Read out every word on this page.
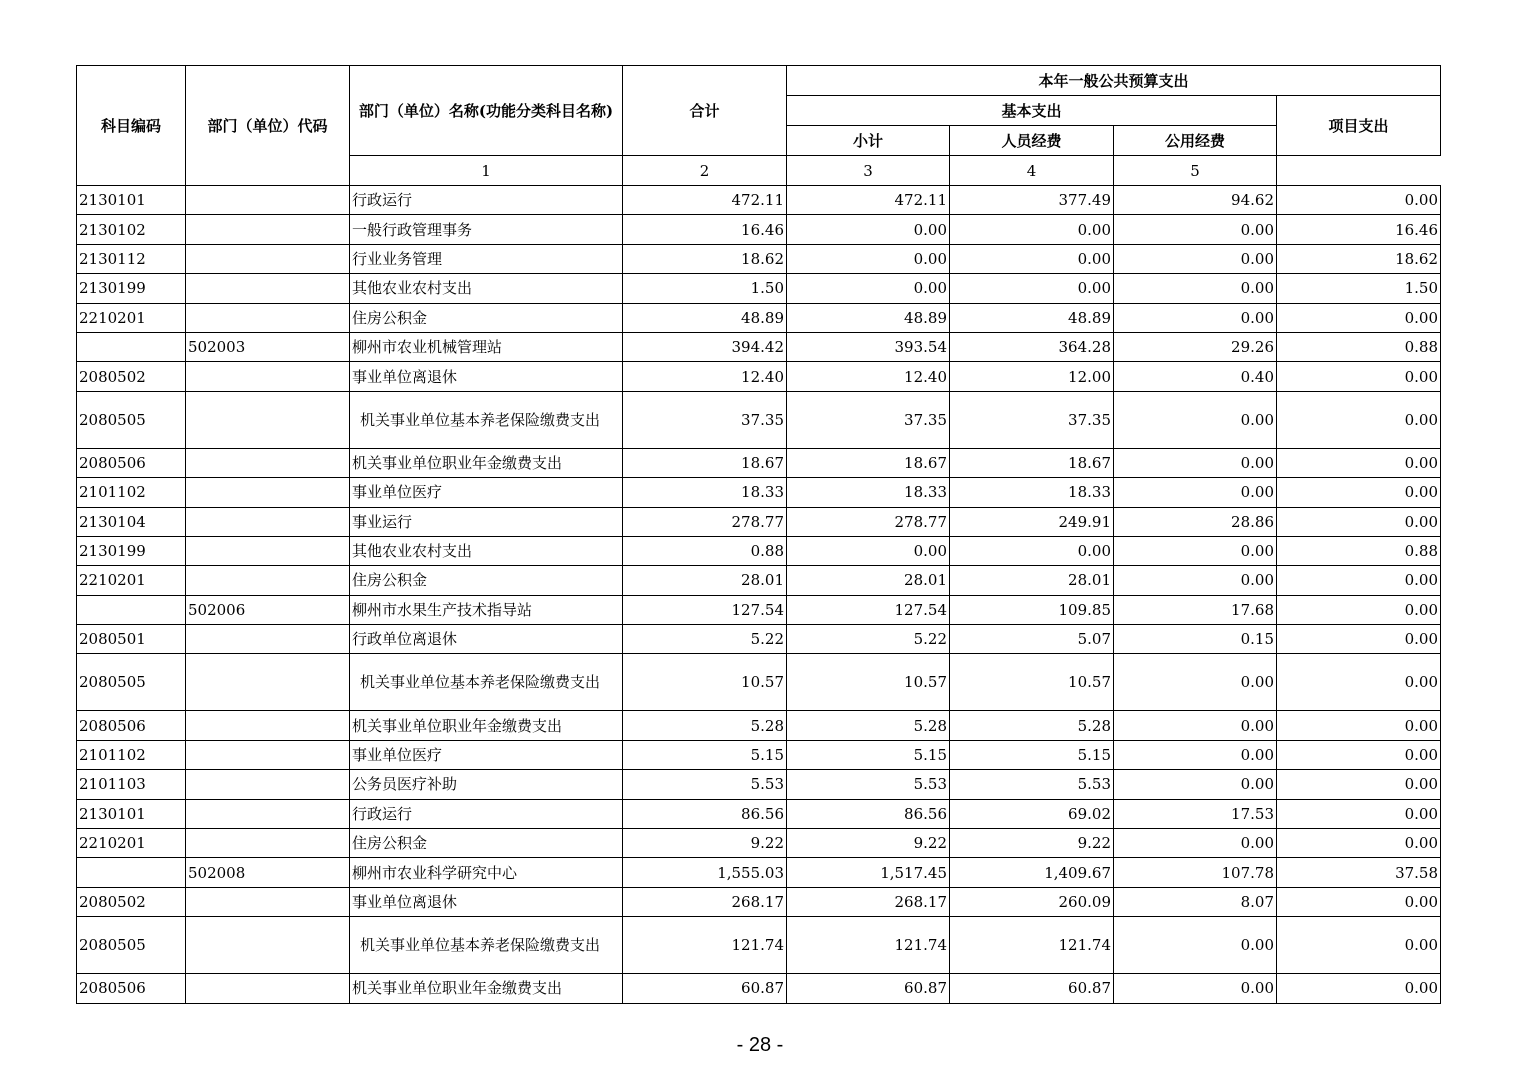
科目编码	部门（单位）代码	部门（单位）名称(功能分类科目名称)	合计	本年一般公共预算支出			
				基本支出			项目支出
				小计	人员经费	公用经费	
		1	2	3	4	5	
2130101		行政运行	472.11	472.11	377.49	94.62	0.00
2130102		一般行政管理事务	16.46	0.00	0.00	0.00	16.46
2130112		行业业务管理	18.62	0.00	0.00	0.00	18.62
2130199		其他农业农村支出	1.50	0.00	0.00	0.00	1.50
2210201		住房公积金	48.89	48.89	48.89	0.00	0.00
	502003	柳州市农业机械管理站	394.42	393.54	364.28	29.26	0.88
2080502		事业单位离退休	12.40	12.40	12.00	0.40	0.00
2080505		机关事业单位基本养老保险缴费支出	37.35	37.35	37.35	0.00	0.00
2080506		机关事业单位职业年金缴费支出	18.67	18.67	18.67	0.00	0.00
2101102		事业单位医疗	18.33	18.33	18.33	0.00	0.00
2130104		事业运行	278.77	278.77	249.91	28.86	0.00
2130199		其他农业农村支出	0.88	0.00	0.00	0.00	0.88
2210201		住房公积金	28.01	28.01	28.01	0.00	0.00
	502006	柳州市水果生产技术指导站	127.54	127.54	109.85	17.68	0.00
2080501		行政单位离退休	5.22	5.22	5.07	0.15	0.00
2080505		机关事业单位基本养老保险缴费支出	10.57	10.57	10.57	0.00	0.00
2080506		机关事业单位职业年金缴费支出	5.28	5.28	5.28	0.00	0.00
2101102		事业单位医疗	5.15	5.15	5.15	0.00	0.00
2101103		公务员医疗补助	5.53	5.53	5.53	0.00	0.00
2130101		行政运行	86.56	86.56	69.02	17.53	0.00
2210201		住房公积金	9.22	9.22	9.22	0.00	0.00
	502008	柳州市农业科学研究中心	1,555.03	1,517.45	1,409.67	107.78	37.58
2080502		事业单位离退休	268.17	268.17	260.09	8.07	0.00
2080505		机关事业单位基本养老保险缴费支出	121.74	121.74	121.74	0.00	0.00
2080506		机关事业单位职业年金缴费支出	60.87	60.87	60.87	0.00	0.00
- 28 -
